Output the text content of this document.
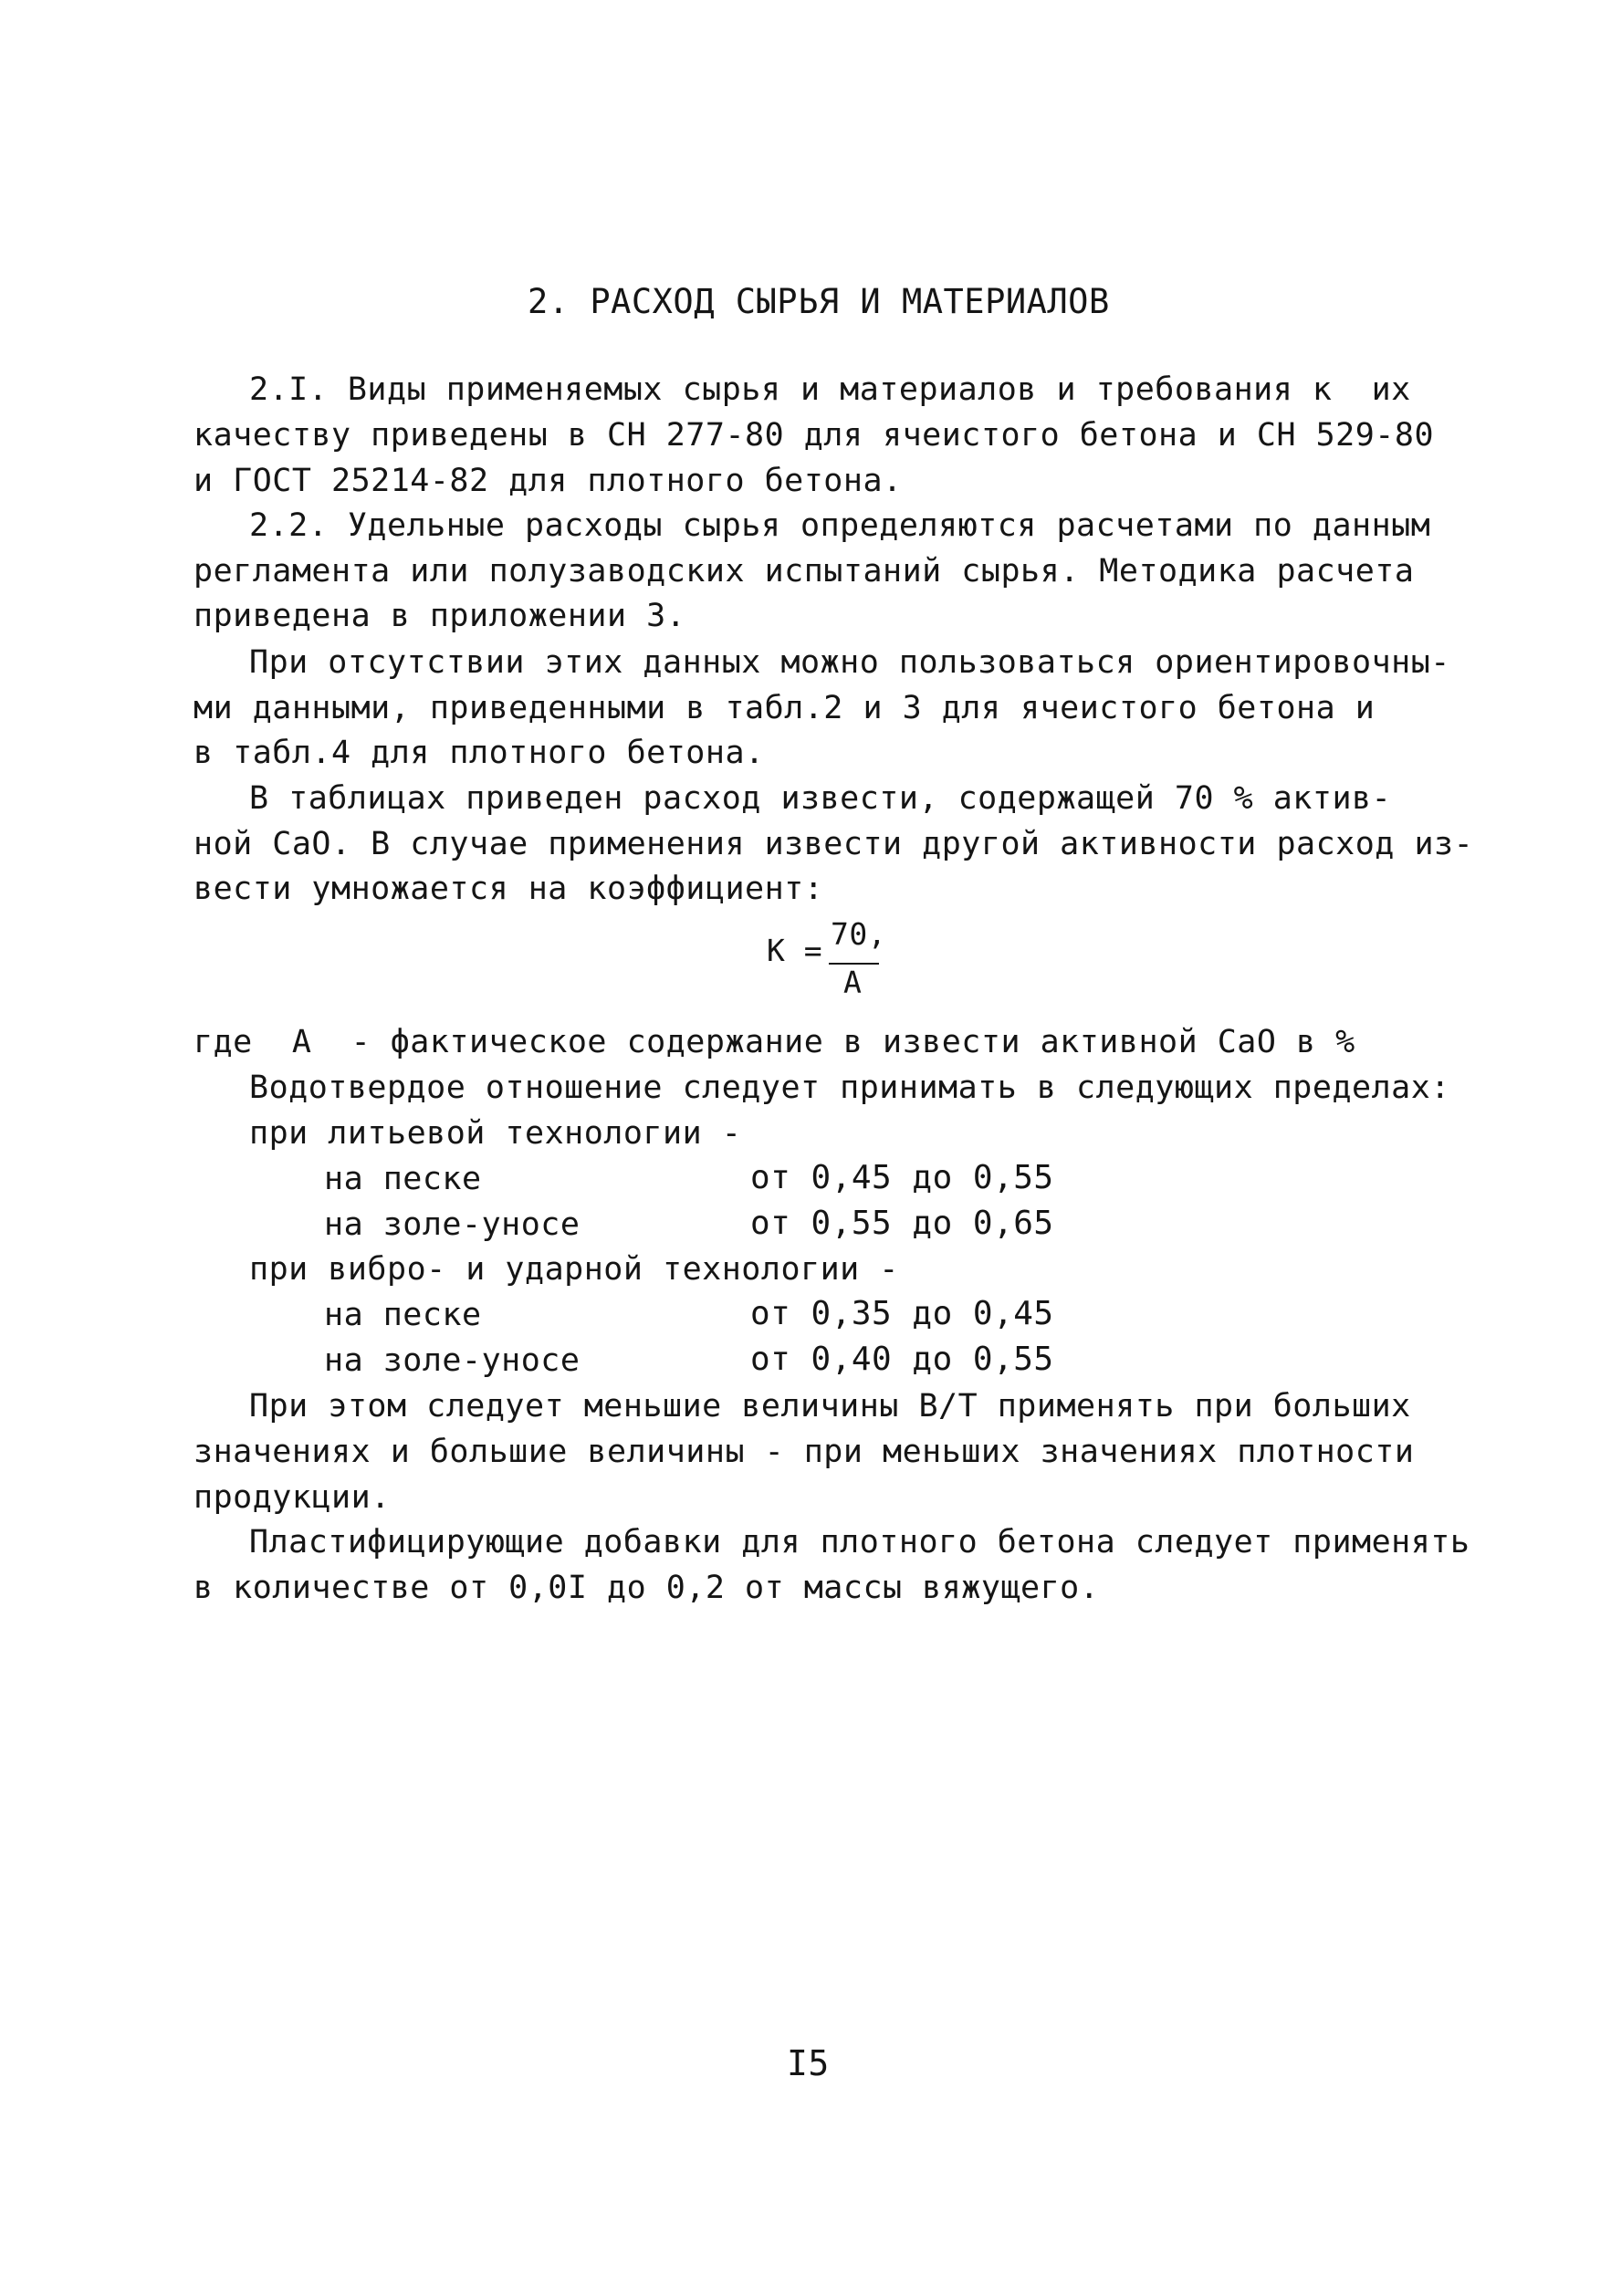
2. РАСХОД СЫРЬЯ И МАТЕРИАЛОВ
2.I. Виды применяемых сырья и материалов и требования к  их
качеству приведены в СН 277-80 для ячеистого бетона и СН 529-80
и ГОСТ 25214-82 для плотного бетона.
2.2. Удельные расходы сырья определяются расчетами по данным
регламента или полузаводских испытаний сырья. Методика расчета
приведена в приложении 3.
При отсутствии этих данных можно пользоваться ориентировочны-
ми данными, приведенными в табл.2 и 3 для ячеистого бетона и
в табл.4 для плотного бетона.
В таблицах приведен расход извести, содержащей 70 % актив-
ной СаО. В случае применения извести другой активности расход из-
вести умножается на коэффициент:
К = 70,
А
где  А  - фактическое содержание в извести активной СаО в %
Водотвердое отношение следует принимать в следующих пределах:
при литьевой технологии -
на песке	от 0,45 до 0,55
на золе-уносе	от 0,55 до 0,65
при вибро- и ударной технологии -
на песке	от 0,35 до 0,45
на золе-уносе	от 0,40 до 0,55
При этом следует меньшие величины В/Т применять при больших
значениях и большие величины - при меньших значениях плотности
продукции.
Пластифицирующие добавки для плотного бетона следует применять
в количестве от 0,0I до 0,2 от массы вяжущего.
I5
